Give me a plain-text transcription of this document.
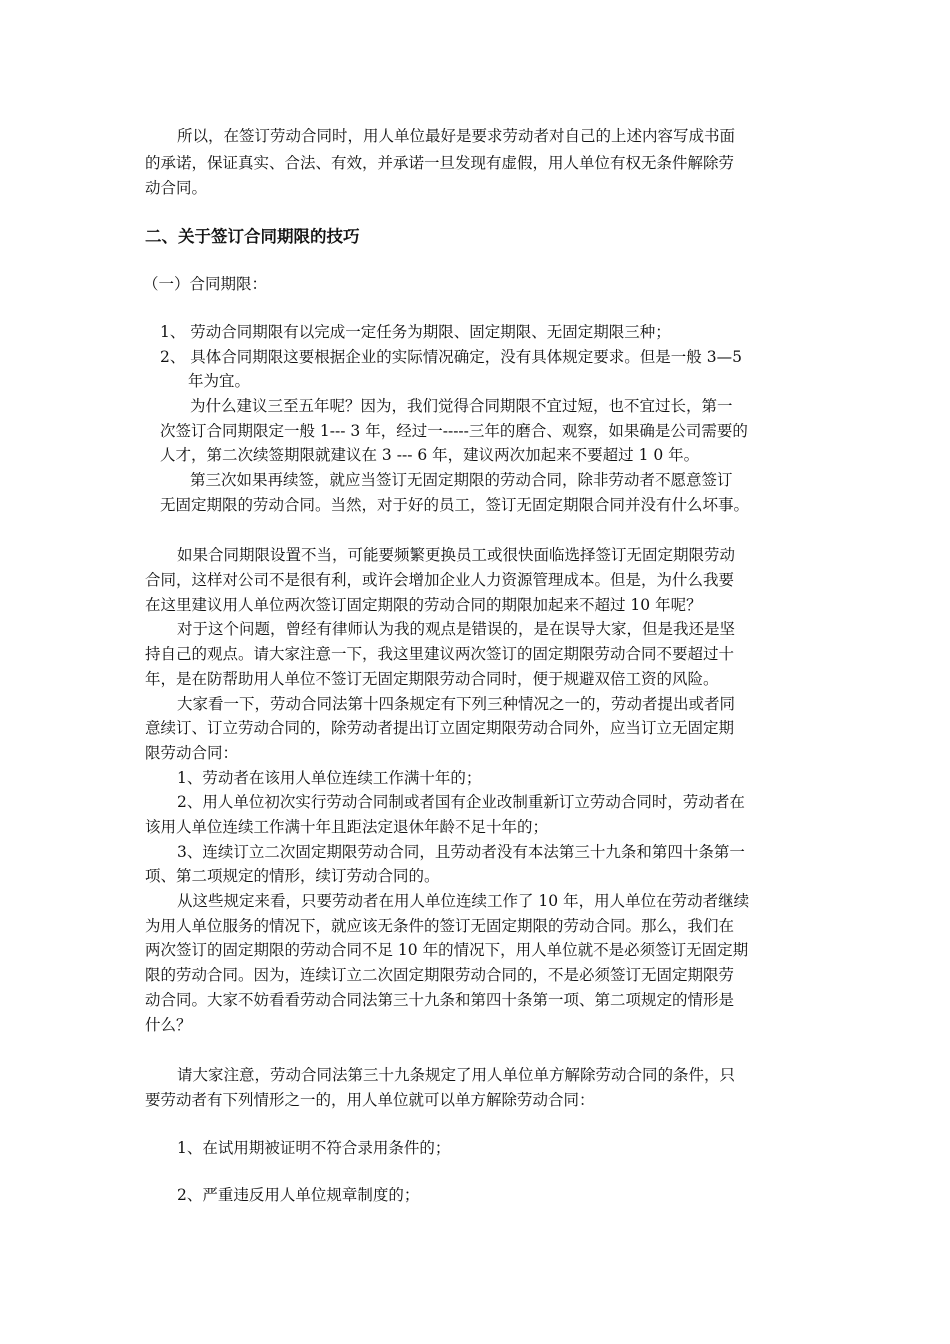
所以，在签订劳动合同时，用人单位最好是要求劳动者对自己的上述内容写成书面
的承诺，保证真实、合法、有效，并承诺一旦发现有虚假，用人单位有权无条件解除劳
动合同。
二、关于签订合同期限的技巧
（一）合同期限：
1、 劳动合同期限有以完成一定任务为期限、固定期限、无固定期限三种；
2、 具体合同期限这要根据企业的实际情况确定，没有具体规定要求。但是一般 3—5
年为宜。
为什么建议三至五年呢？因为，我们觉得合同期限不宜过短，也不宜过长，第一
次签订合同期限定一般 1--- 3 年，经过一-----三年的磨合、观察，如果确是公司需要的
人才，第二次续签期限就建议在 3 --- 6 年，建议两次加起来不要超过 1 0 年。
第三次如果再续签，就应当签订无固定期限的劳动合同，除非劳动者不愿意签订
无固定期限的劳动合同。当然，对于好的员工，签订无固定期限合同并没有什么坏事。
如果合同期限设置不当，可能要频繁更换员工或很快面临选择签订无固定期限劳动
合同，这样对公司不是很有利，或许会增加企业人力资源管理成本。但是，为什么我要
在这里建议用人单位两次签订固定期限的劳动合同的期限加起来不超过 10 年呢？
对于这个问题，曾经有律师认为我的观点是错误的，是在误导大家，但是我还是坚
持自己的观点。请大家注意一下，我这里建议两次签订的固定期限劳动合同不要超过十
年，是在防帮助用人单位不签订无固定期限劳动合同时，便于规避双倍工资的风险。
大家看一下，劳动合同法第十四条规定有下列三种情况之一的，劳动者提出或者同
意续订、订立劳动合同的，除劳动者提出订立固定期限劳动合同外，应当订立无固定期
限劳动合同：
1、劳动者在该用人单位连续工作满十年的；
2、用人单位初次实行劳动合同制或者国有企业改制重新订立劳动合同时，劳动者在
该用人单位连续工作满十年且距法定退休年龄不足十年的；
3、连续订立二次固定期限劳动合同，且劳动者没有本法第三十九条和第四十条第一
项、第二项规定的情形，续订劳动合同的。
从这些规定来看，只要劳动者在用人单位连续工作了 10 年，用人单位在劳动者继续
为用人单位服务的情况下，就应该无条件的签订无固定期限的劳动合同。那么，我们在
两次签订的固定期限的劳动合同不足 10 年的情况下，用人单位就不是必须签订无固定期
限的劳动合同。因为，连续订立二次固定期限劳动合同的，不是必须签订无固定期限劳
动合同。大家不妨看看劳动合同法第三十九条和第四十条第一项、第二项规定的情形是
什么？
请大家注意，劳动合同法第三十九条规定了用人单位单方解除劳动合同的条件，只
要劳动者有下列情形之一的，用人单位就可以单方解除劳动合同：
1、在试用期被证明不符合录用条件的；
2、严重违反用人单位规章制度的；
